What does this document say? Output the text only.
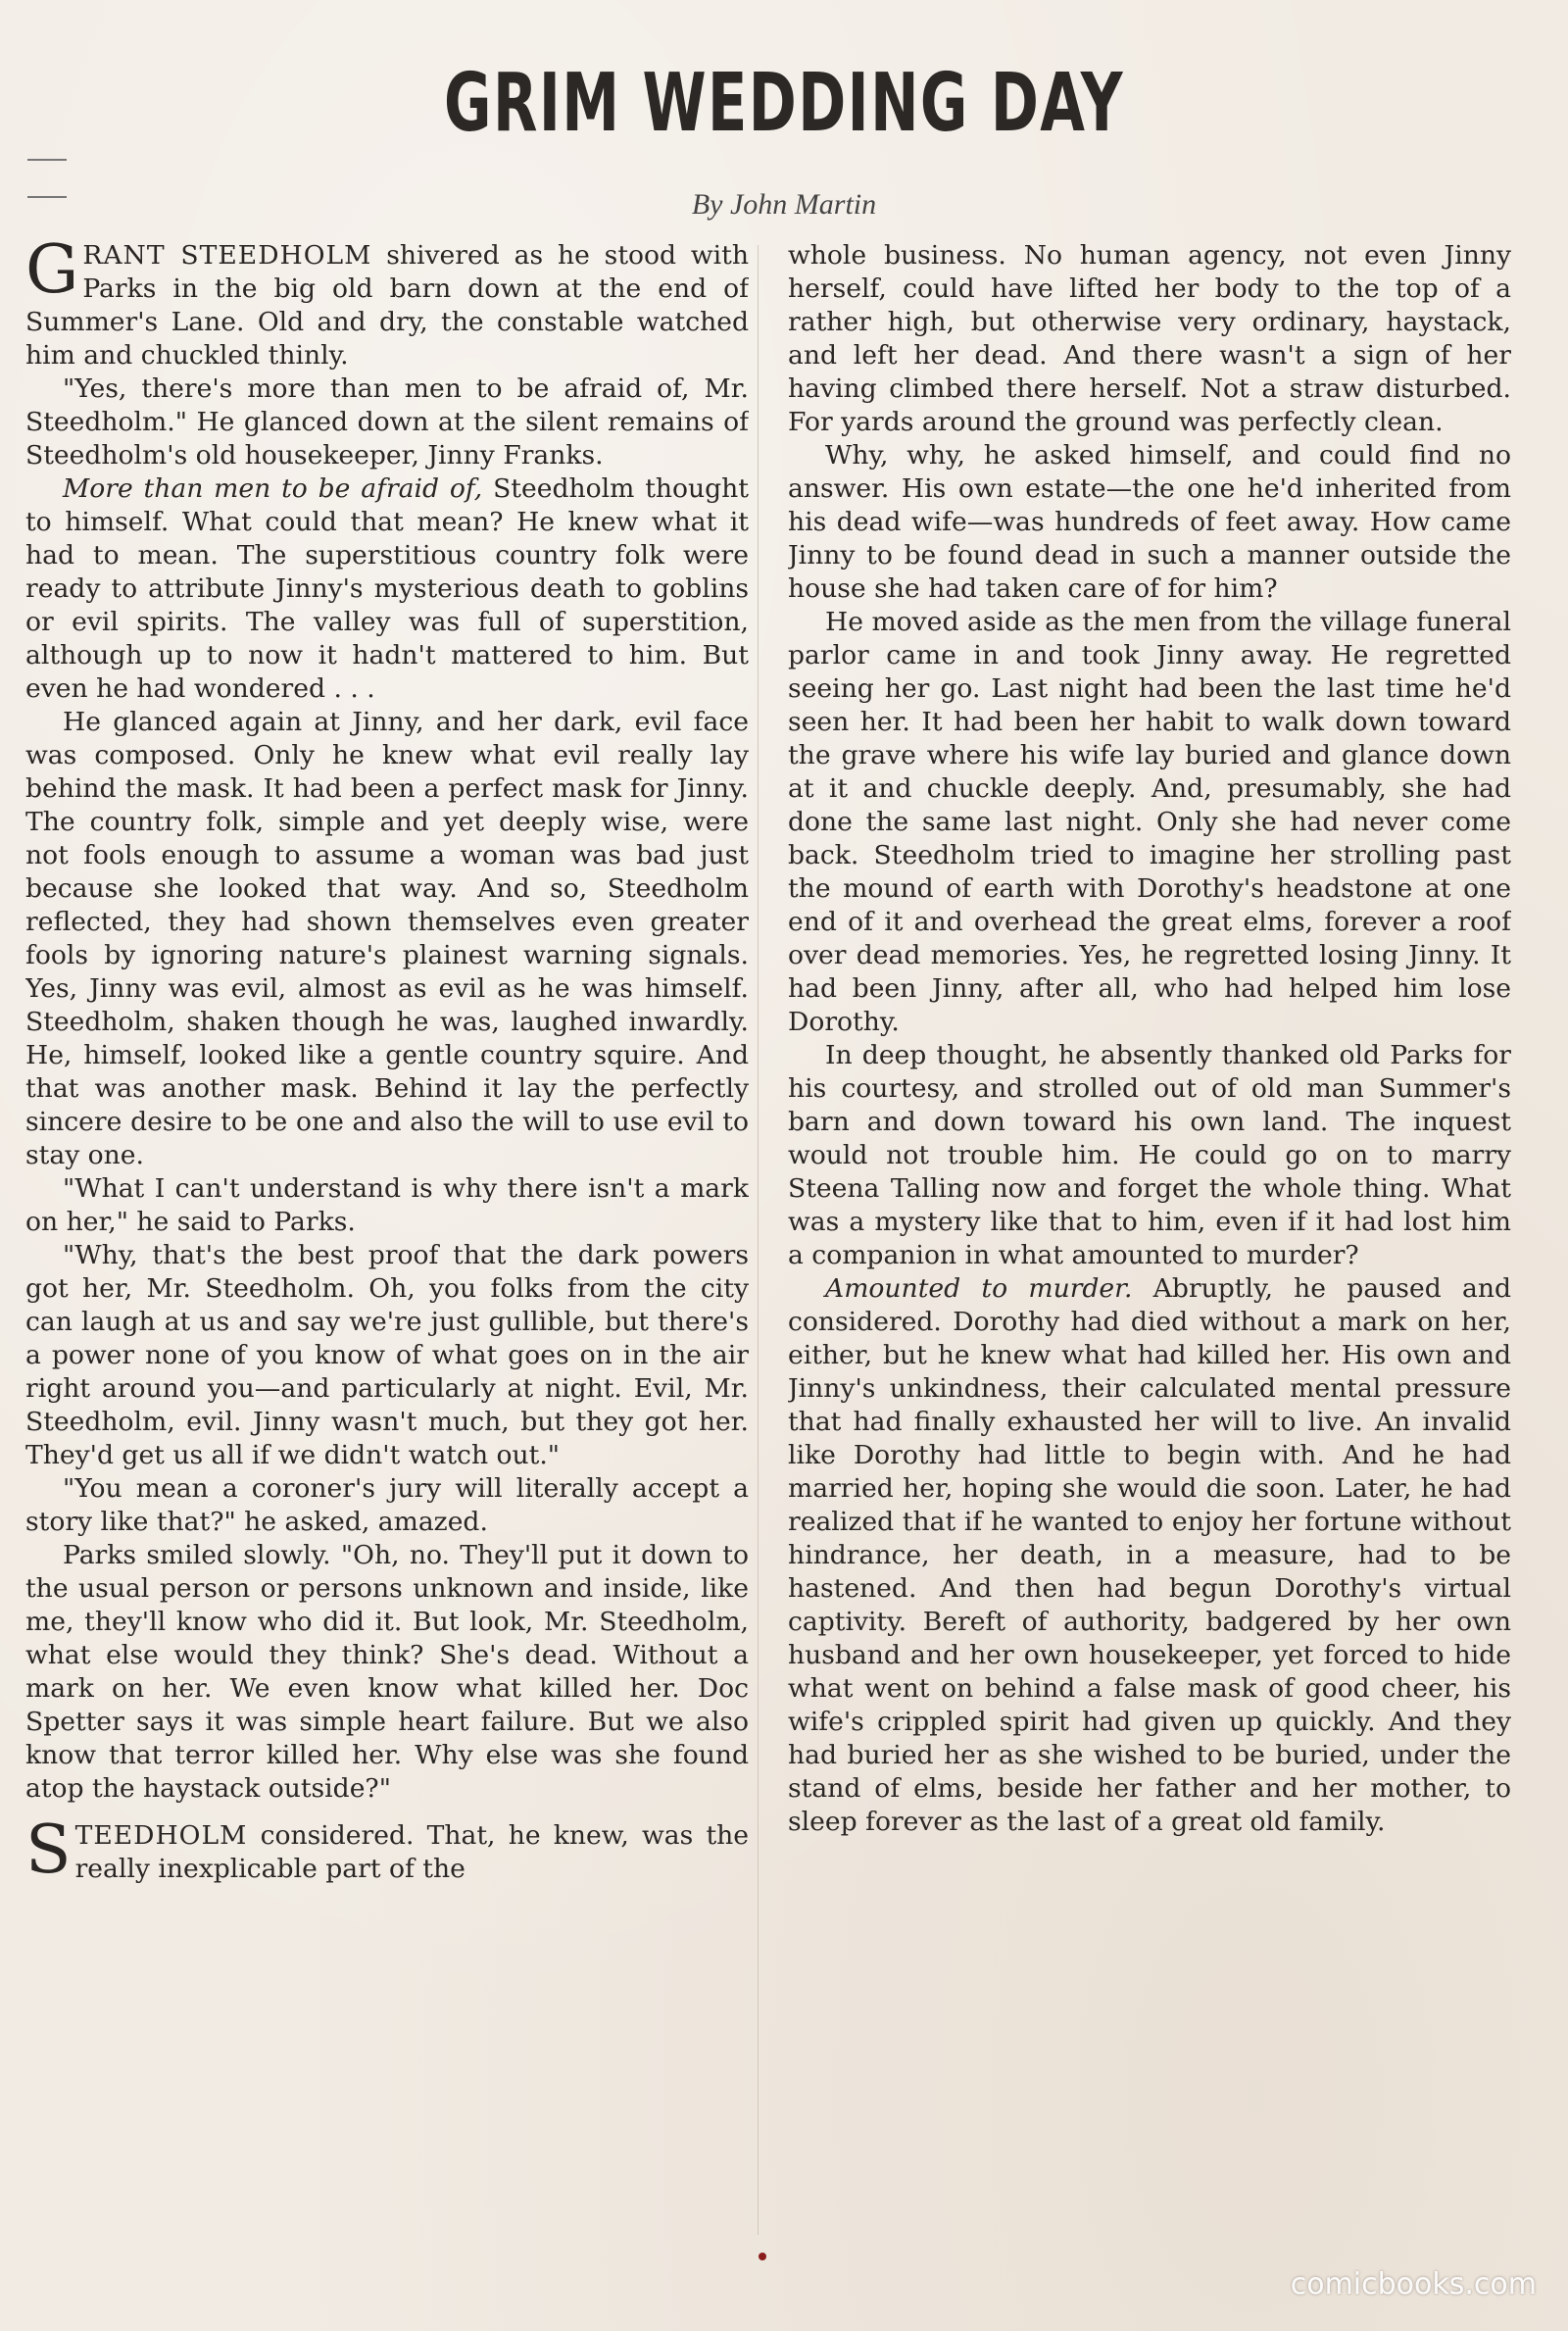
GRIM WEDDING DAY
By John Martin

GRANT STEEDHOLM shivered as he stood with Parks in the big old barn down at the end of Summer's Lane. Old and dry, the constable watched him and chuckled thinly.

"Yes, there's more than men to be afraid of, Mr. Steedholm." He glanced down at the silent remains of Steedholm's old housekeeper, Jinny Franks.

More than men to be afraid of, Steedholm thought to himself. What could that mean? He knew what it had to mean. The superstitious country folk were ready to attribute Jinny's mysterious death to goblins or evil spirits. The valley was full of superstition, although up to now it hadn't mattered to him. But even he had wondered . . .

He glanced again at Jinny, and her dark, evil face was composed. Only he knew what evil really lay behind the mask. It had been a perfect mask for Jinny. The country folk, simple and yet deeply wise, were not fools enough to assume a woman was bad just because she looked that way. And so, Steedholm reflected, they had shown themselves even greater fools by ignoring nature's plainest warning signals. Yes, Jinny was evil, almost as evil as he was himself. Steedholm, shaken though he was, laughed inwardly. He, himself, looked like a gentle country squire. And that was another mask. Behind it lay the perfectly sincere desire to be one and also the will to use evil to stay one.

"What I can't understand is why there isn't a mark on her," he said to Parks.

"Why, that's the best proof that the dark powers got her, Mr. Steedholm. Oh, you folks from the city can laugh at us and say we're just gullible, but there's a power none of you know of what goes on in the air right around you—and particularly at night. Evil, Mr. Steedholm, evil. Jinny wasn't much, but they got her. They'd get us all if we didn't watch out."

"You mean a coroner's jury will literally accept a story like that?" he asked, amazed.

Parks smiled slowly. "Oh, no. They'll put it down to the usual person or persons unknown and inside, like me, they'll know who did it. But look, Mr. Steedholm, what else would they think? She's dead. Without a mark on her. We even know what killed her. Doc Spetter says it was simple heart failure. But we also know that terror killed her. Why else was she found atop the haystack outside?"

STEEDHOLM considered. That, he knew, was the really inexplicable part of the

whole business. No human agency, not even Jinny herself, could have lifted her body to the top of a rather high, but otherwise very ordinary, haystack, and left her dead. And there wasn't a sign of her having climbed there herself. Not a straw disturbed. For yards around the ground was perfectly clean.

Why, why, he asked himself, and could find no answer. His own estate—the one he'd inherited from his dead wife—was hundreds of feet away. How came Jinny to be found dead in such a manner outside the house she had taken care of for him?

He moved aside as the men from the village funeral parlor came in and took Jinny away. He regretted seeing her go. Last night had been the last time he'd seen her. It had been her habit to walk down toward the grave where his wife lay buried and glance down at it and chuckle deeply. And, presumably, she had done the same last night. Only she had never come back. Steedholm tried to imagine her strolling past the mound of earth with Dorothy's headstone at one end of it and overhead the great elms, forever a roof over dead memories. Yes, he regretted losing Jinny. It had been Jinny, after all, who had helped him lose Dorothy.

In deep thought, he absently thanked old Parks for his courtesy, and strolled out of old man Summer's barn and down toward his own land. The inquest would not trouble him. He could go on to marry Steena Talling now and forget the whole thing. What was a mystery like that to him, even if it had lost him a companion in what amounted to murder?

Amounted to murder. Abruptly, he paused and considered. Dorothy had died without a mark on her, either, but he knew what had killed her. His own and Jinny's unkindness, their calculated mental pressure that had finally exhausted her will to live. An invalid like Dorothy had little to begin with. And he had married her, hoping she would die soon. Later, he had realized that if he wanted to enjoy her fortune without hindrance, her death, in a measure, had to be hastened. And then had begun Dorothy's virtual captivity. Bereft of authority, badgered by her own husband and her own housekeeper, yet forced to hide what went on behind a false mask of good cheer, his wife's crippled spirit had given up quickly. And they had buried her as she wished to be buried, under the stand of elms, beside her father and her mother, to sleep forever as the last of a great old family.

comicbooks.com
